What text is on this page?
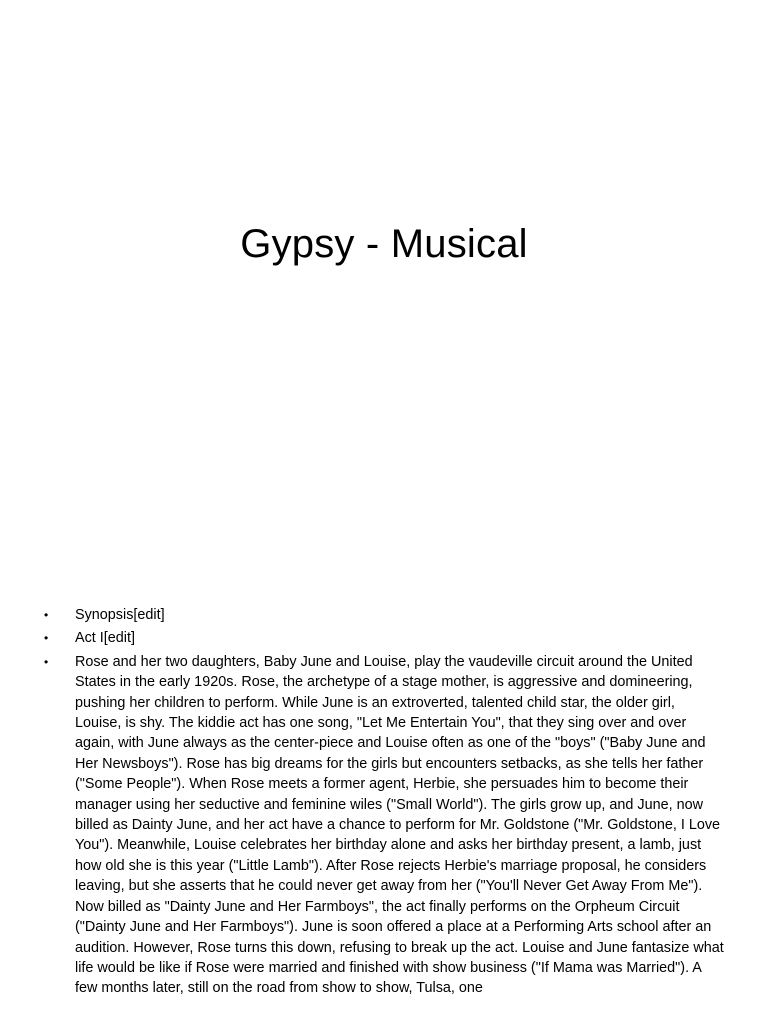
Gypsy - Musical
•	Synopsis[edit]
•	Act I[edit]
•	Rose and her two daughters, Baby June and Louise, play the vaudeville circuit around the United States in the early 1920s. Rose, the archetype of a stage mother, is aggressive and domineering, pushing her children to perform. While June is an extroverted, talented child star, the older girl, Louise, is shy. The kiddie act has one song, "Let Me Entertain You", that they sing over and over again, with June always as the center-piece and Louise often as one of the "boys" ("Baby June and Her Newsboys"). Rose has big dreams for the girls but encounters setbacks, as she tells her father ("Some People"). When Rose meets a former agent, Herbie, she persuades him to become their manager using her seductive and feminine wiles ("Small World"). The girls grow up, and June, now billed as Dainty June, and her act have a chance to perform for Mr. Goldstone ("Mr. Goldstone, I Love You"). Meanwhile, Louise celebrates her birthday alone and asks her birthday present, a lamb, just how old she is this year ("Little Lamb"). After Rose rejects Herbie's marriage proposal, he considers leaving, but she asserts that he could never get away from her ("You'll Never Get Away From Me"). Now billed as "Dainty June and Her Farmboys", the act finally performs on the Orpheum Circuit ("Dainty June and Her Farmboys"). June is soon offered a place at a Performing Arts school after an audition. However, Rose turns this down, refusing to break up the act. Louise and June fantasize what life would be like if Rose were married and finished with show business ("If Mama was Married"). A few months later, still on the road from show to show, Tulsa, one
